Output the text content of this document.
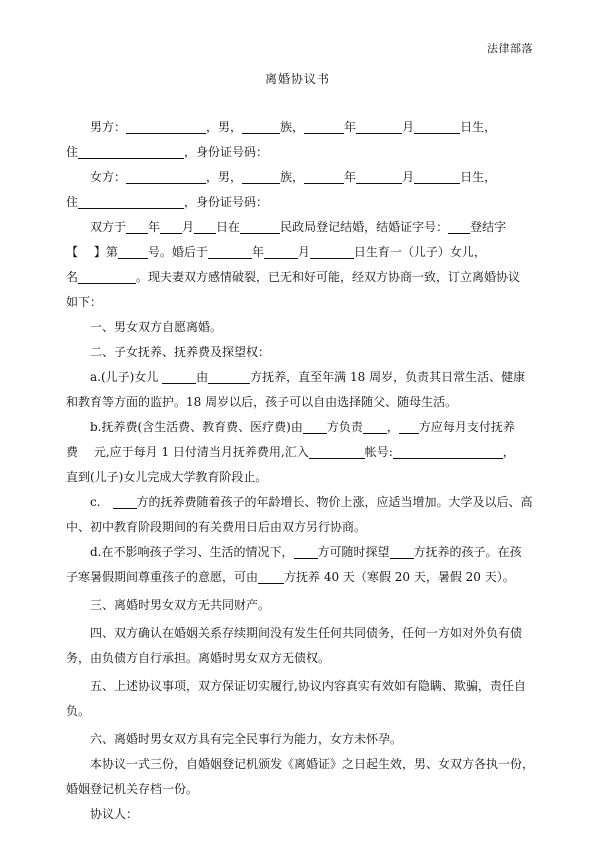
法律部落
离婚协议书

男方：	，男，	族，	年	月	日生，

住	，身份证号码：

女方：	，男，	族，	年	月	日生，

住	，身份证号码：

双方于 年 月 日在	民政局登记结婚，结婚证字号： 登结字

【　 】第	号。婚后于	年	月	日生育一（儿子）女儿，

名	。现夫妻双方感情破裂，已无和好可能，经双方协商一致，订立离婚协议

如下：

一、男女双方自愿离婚。

二、子女抚养、抚养费及探望权：

a.(儿子)女儿	由	方抚养，直至年满 18 周岁，负责其日常生活、健康

和教育等方面的监护。18 周岁以后，孩子可以自由选择随父、随母生活。

b.抚养费(含生活费、教育费、医疗费)由 方负责 ， 方应每月支付抚养

费　 元,应于每月 1 日付清当月抚养费用,汇入	帐号:	，

直到(儿子)女儿完成大学教育阶段止。

c.　方的抚养费随着孩子的年龄增长、物价上涨，应适当增加。大学及以后、高

中、初中教育阶段期间的有关费用日后由双方另行协商。

d.在不影响孩子学习、生活的情况下， 方可随时探望 方抚养的孩子。在孩

子寒暑假期间尊重孩子的意愿，可由 方抚养 40 天（寒假 20 天，暑假 20 天）。

三、离婚时男女双方无共同财产。

四、双方确认在婚姻关系存续期间没有发生任何共同债务，任何一方如对外负有债

务，由负债方自行承担。离婚时男女双方无债权。

五、上述协议事项，双方保证切实履行,协议内容真实有效如有隐瞒、欺骗，责任自

负。

六、离婚时男女双方具有完全民事行为能力，女方未怀孕。

本协议一式三份，自婚姻登记机颁发《离婚证》之日起生效，男、女双方各执一份，

婚姻登记机关存档一份。

协议人：
